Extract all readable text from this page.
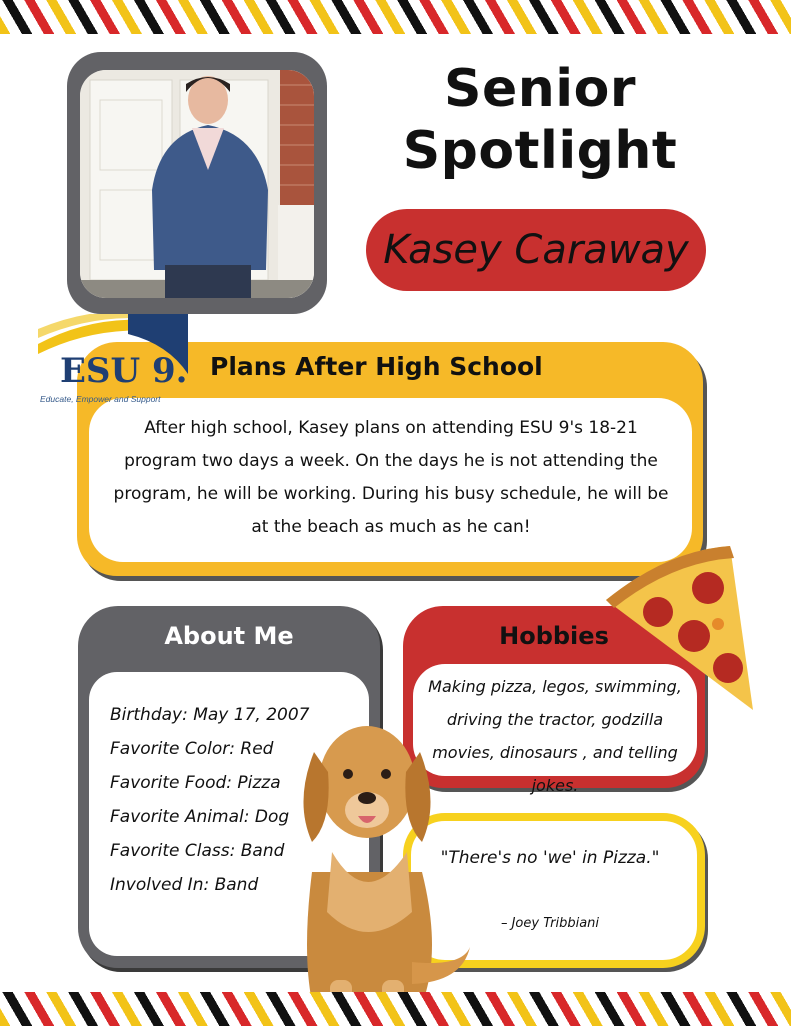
Senior
Spotlight
Kasey Caraway
Plans After High School
After high school, Kasey plans on attending ESU 9's 18-21 program two days a week. On the days he is not attending the program, he will be working. During his busy schedule, he will be at the beach as much as he can!
ESU 9.
Educate, Empower and Support
About Me
Birthday: May 17, 2007
Favorite Color: Red
Favorite Food: Pizza
Favorite Animal: Dog
Favorite Class: Band
Involved In: Band
Hobbies
Making pizza, legos, swimming, driving the tractor, godzilla movies, dinosaurs , and telling jokes.
"There's no 'we' in Pizza."
– Joey Tribbiani
